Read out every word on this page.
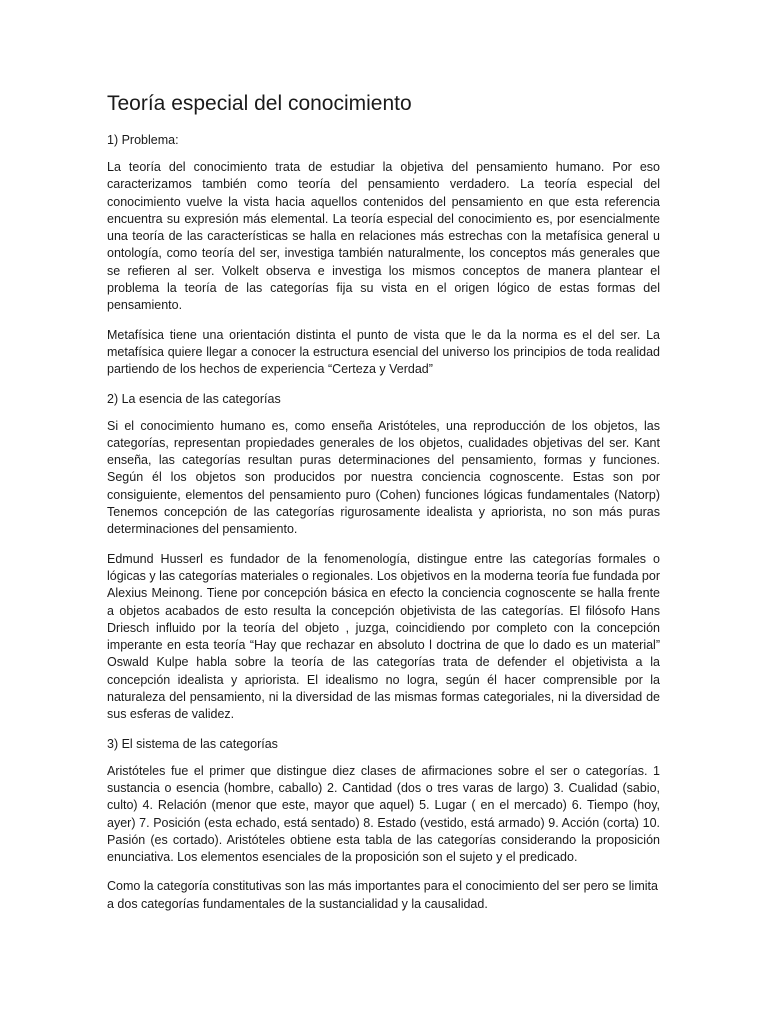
Teoría especial del conocimiento

1) Problema:

La teoría del conocimiento trata de estudiar la objetiva del pensamiento humano. Por eso caracterizamos también como teoría del pensamiento verdadero. La teoría especial del conocimiento vuelve la vista hacia aquellos contenidos del pensamiento en que esta referencia encuentra su expresión más elemental. La teoría especial del conocimiento es, por esencialmente una teoría de las características se halla en relaciones más estrechas con la metafísica general u ontología, como teoría del ser, investiga también naturalmente, los conceptos más generales que se refieren al ser. Volkelt observa e investiga los mismos conceptos de manera plantear el problema la teoría de las categorías fija su vista en el origen lógico de estas formas del pensamiento.

Metafísica tiene una orientación distinta el punto de vista que le da la norma es el del ser. La metafísica quiere llegar a conocer la estructura esencial del universo los principios de toda realidad partiendo de los hechos de experiencia “Certeza y Verdad”

2) La esencia de las categorías

Si el conocimiento humano es, como enseña Aristóteles, una reproducción de los objetos, las categorías, representan propiedades generales de los objetos, cualidades objetivas del ser. Kant enseña, las categorías resultan puras determinaciones del pensamiento, formas y funciones. Según él los objetos son producidos por nuestra conciencia cognoscente. Estas son por consiguiente, elementos del pensamiento puro (Cohen) funciones lógicas fundamentales (Natorp) Tenemos concepción de las categorías rigurosamente idealista y apriorista, no son más puras determinaciones del pensamiento.

Edmund Husserl es fundador de la fenomenología, distingue entre las categorías formales o lógicas y las categorías materiales o regionales. Los objetivos en la moderna teoría fue fundada por Alexius Meinong. Tiene por concepción básica en efecto la conciencia cognoscente se halla frente a objetos acabados de esto resulta la concepción objetivista de las categorías. El filósofo Hans Driesch influido por la teoría del objeto , juzga, coincidiendo por completo con la concepción imperante en esta teoría “Hay que rechazar en absoluto l doctrina de que lo dado es un material” Oswald Kulpe habla sobre la teoría de las categorías trata de defender el objetivista a la concepción idealista y apriorista. El idealismo no logra, según él hacer comprensible por la naturaleza del pensamiento, ni la diversidad de las mismas formas categoriales, ni la diversidad de sus esferas de validez.

3) El sistema de las categorías

Aristóteles fue el primer que distingue diez clases de afirmaciones sobre el ser o categorías. 1 sustancia o esencia (hombre, caballo) 2. Cantidad (dos o tres varas de largo) 3. Cualidad (sabio, culto) 4. Relación (menor que este, mayor que aquel) 5. Lugar ( en el mercado) 6. Tiempo (hoy, ayer) 7. Posición (esta echado, está sentado) 8. Estado (vestido, está armado) 9. Acción (corta) 10. Pasión (es cortado). Aristóteles obtiene esta tabla de las categorías considerando la proposición enunciativa. Los elementos esenciales de la proposición son el sujeto y el predicado.

Como la categoría constitutivas son las más importantes para el conocimiento del ser pero se limita a dos categorías fundamentales de la sustancialidad y la causalidad.
